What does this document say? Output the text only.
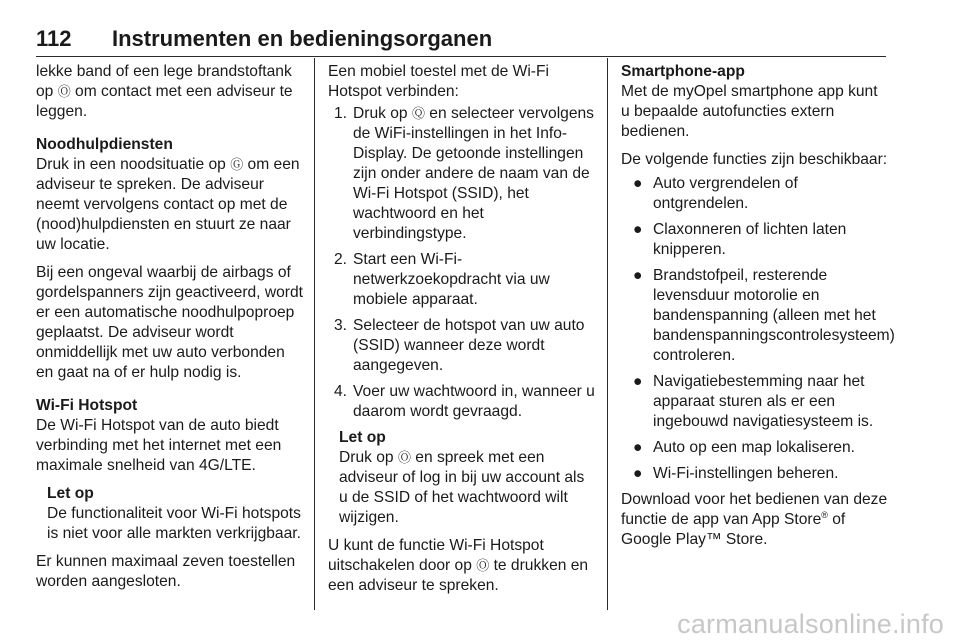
112 Instrumenten en bedieningsorganen

lekke band of een lege brandstoftank op Ⓞ om contact met een adviseur te leggen.

Noodhulpdiensten

Druk in een noodsituatie op Ⓖ om een adviseur te spreken. De adviseur neemt vervolgens contact op met de (nood)hulpdiensten en stuurt ze naar uw locatie.

Bij een ongeval waarbij de airbags of gordelspanners zijn geactiveerd, wordt er een automatische noodhulpoproep geplaatst. De adviseur wordt onmiddellijk met uw auto verbonden en gaat na of er hulp nodig is.

Wi-Fi Hotspot

De Wi-Fi Hotspot van de auto biedt verbinding met het internet met een maximale snelheid van 4G/LTE.

Let op

De functionaliteit voor Wi-Fi hotspots is niet voor alle markten verkrijgbaar.

Er kunnen maximaal zeven toestellen worden aangesloten.

Een mobiel toestel met de Wi-Fi Hotspot verbinden:

1. Druk op Ⓠ en selecteer vervolgens de WiFi-instellingen in het Info-Display. De getoonde instellingen zijn onder andere de naam van de Wi-Fi Hotspot (SSID), het wachtwoord en het verbindingstype.
2. Start een Wi-Fi-netwerkzoekopdracht via uw mobiele apparaat.
3. Selecteer de hotspot van uw auto (SSID) wanneer deze wordt aangegeven.
4. Voer uw wachtwoord in, wanneer u daarom wordt gevraagd.

Let op

Druk op Ⓞ en spreek met een adviseur of log in bij uw account als u de SSID of het wachtwoord wilt wijzigen.

U kunt de functie Wi-Fi Hotspot uitschakelen door op Ⓞ te drukken en een adviseur te spreken.

Smartphone-app

Met de myOpel smartphone app kunt u bepaalde autofuncties extern bedienen.

De volgende functies zijn beschikbaar:

● Auto vergrendelen of ontgrendelen.
● Claxonneren of lichten laten knipperen.
● Brandstofpeil, resterende levensduur motorolie en bandenspanning (alleen met het bandenspanningscontrolesysteem) controleren.
● Navigatiebestemming naar het apparaat sturen als er een ingebouwd navigatiesysteem is.
● Auto op een map lokaliseren.
● Wi-Fi-instellingen beheren.

Download voor het bedienen van deze functie de app van App Store® of Google Play™ Store.

carmanualsonline.info
